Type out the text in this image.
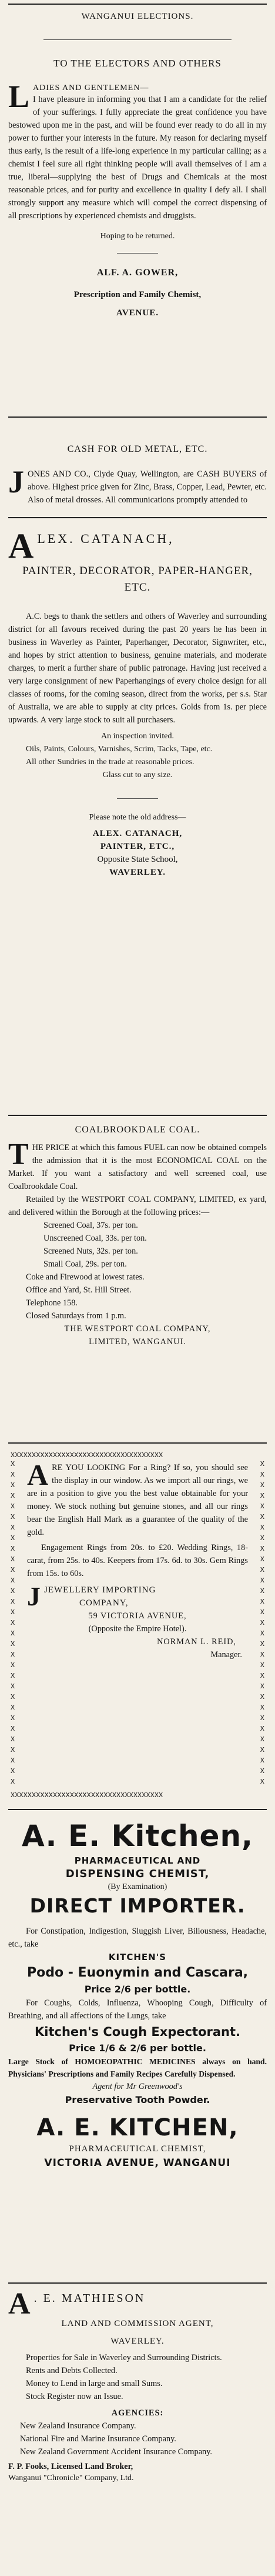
WANGANUI ELECTIONS.
TO THE ELECTORS AND OTHERS
L ADIES AND GENTLEMEN—
I have pleasure in informing you that I am a candidate for the relief of your sufferings. I fully appreciate the great confidence you have bestowed upon me in the past, and will be found ever ready to do all in my power to further your interests in the future. My reason for declaring myself thus early, is the result of a life-long experience in my particular calling; as a chemist I feel sure all right thinking people will avail themselves of I am a true, liberal—supplying the best of Drugs and Chemicals at the most reasonable prices, and for purity and excellence in quality I defy all. I shall strongly support any measure which will compel the correct dispensing of all prescriptions by experienced chemists and druggists.
Hoping to be returned.
ALF. A. GOWER,
Prescription and Family Chemist,
AVENUE.
CASH FOR OLD METAL, ETC.
J ONES AND CO., Clyde Quay, Wellington, are CASH BUYERS of above. Highest price given for Zinc, Brass, Copper, Lead, Pewter, etc. Also of metal drosses. All communications promptly attended to
A LEX. CATANACH,
PAINTER, DECORATOR, PAPER-HANGER, ETC.
A.C. begs to thank the settlers and others of Waverley and surrounding district for all favours received during the past 20 years he has been in business in Waverley as Painter, Paperhanger, Decorator, Signwriter, etc., and hopes by strict attention to business, genuine materials, and moderate charges, to merit a further share of public patronage. Having just received a very large consignment of new Paperhangings of every choice design for all classes of rooms, for the coming season, direct from the works, per s.s. Star of Australia, we are able to supply at city prices. Golds from 1s. per piece upwards. A very large stock to suit all purchasers.
An inspection invited.
Oils, Paints, Colours, Varnishes, Scrim, Tacks, Tape, etc.
All other Sundries in the trade at reasonable prices.
Glass cut to any size.
Please note the old address—
ALEX. CATANACH,
PAINTER, ETC.,
Opposite State School,
WAVERLEY.
COALBROOKDALE COAL.
T HE PRICE at which this famous FUEL can now be obtained compels the admission that it is the most ECONOMICAL COAL on the Market. If you want a satisfactory and well screened coal, use Coalbrookdale Coal.
Retailed by the WESTPORT COAL COMPANY, LIMITED, ex yard, and delivered within the Borough at the following prices:—
Screened Coal, 37s. per ton.
Unscreened Coal, 33s. per ton.
Screened Nuts, 32s. per ton.
Small Coal, 29s. per ton.
Coke and Firewood at lowest rates.
Office and Yard, St. Hill Street.
Telephone 158.
Closed Saturdays from 1 p.m.
THE WESTPORT COAL COMPANY,
LIMITED, WANGANUI.
XXXXXXXXXXXXXXXXXXXXXXXXXXXXXXXXXXXX
XXXXXXXXXXXXXXXXXXXXXXXXXXXXXXXXXXXX
X
X
X
X
X
X
X
X
X
X
X
X
X
X
X
X
X
X
X
X
X
X
X
X
X
X
X
X
X
X
X
X
X
X
X
X
X
X
X
X
X
X
X
X
X
X
X
X
X
X
X
X
X
X
X
X
X
X
X
X
X
X
A RE YOU LOOKING For a Ring? If so, you should see the display in our window. As we import all our rings, we are in a position to give you the best value obtainable for your money. We stock nothing but genuine stones, and all our rings bear the English Hall Mark as a guarantee of the quality of the gold.
Engagement Rings from 20s. to £20. Wedding Rings, 18-carat, from 25s. to 40s. Keepers from 17s. 6d. to 30s. Gem Rings from 15s. to 60s.
J JEWELLERY IMPORTING
COMPANY,
59 VICTORIA AVENUE,
(Opposite the Empire Hotel).
NORMAN L. REID,
Manager.
A. E. Kitchen,
PHARMACEUTICAL AND
DISPENSING CHEMIST,
(By Examination)
DIRECT IMPORTER.
For Constipation, Indigestion, Sluggish Liver, Biliousness, Headache, etc., take
KITCHEN'S
Podo - Euonymin and Cascara,
Price 2/6 per bottle.
For Coughs, Colds, Influenza, Whooping Cough, Difficulty of Breathing, and all affections of the Lungs, take
Kitchen's Cough Expectorant.
Price 1/6 & 2/6 per bottle.
Large Stock of HOMOEOPATHIC MEDICINES always on hand. Physicians' Prescriptions and Family Recipes Carefully Dispensed.
Agent for Mr Greenwood's
Preservative Tooth Powder.
A. E. KITCHEN,
PHARMACEUTICAL CHEMIST,
VICTORIA AVENUE, WANGANUI
A . E. MATHIESON
LAND AND COMMISSION AGENT,
WAVERLEY.
Properties for Sale in Waverley and Surrounding Districts.
Rents and Debts Collected.
Money to Lend in large and small Sums.
Stock Register now an Issue.
AGENCIES:
New Zealand Insurance Company.
National Fire and Marine Insurance Company.
New Zealand Government Accident Insurance Company.
F. P. Fooks, Licensed Land Broker,
Wanganui "Chronicle" Company, Ltd.
